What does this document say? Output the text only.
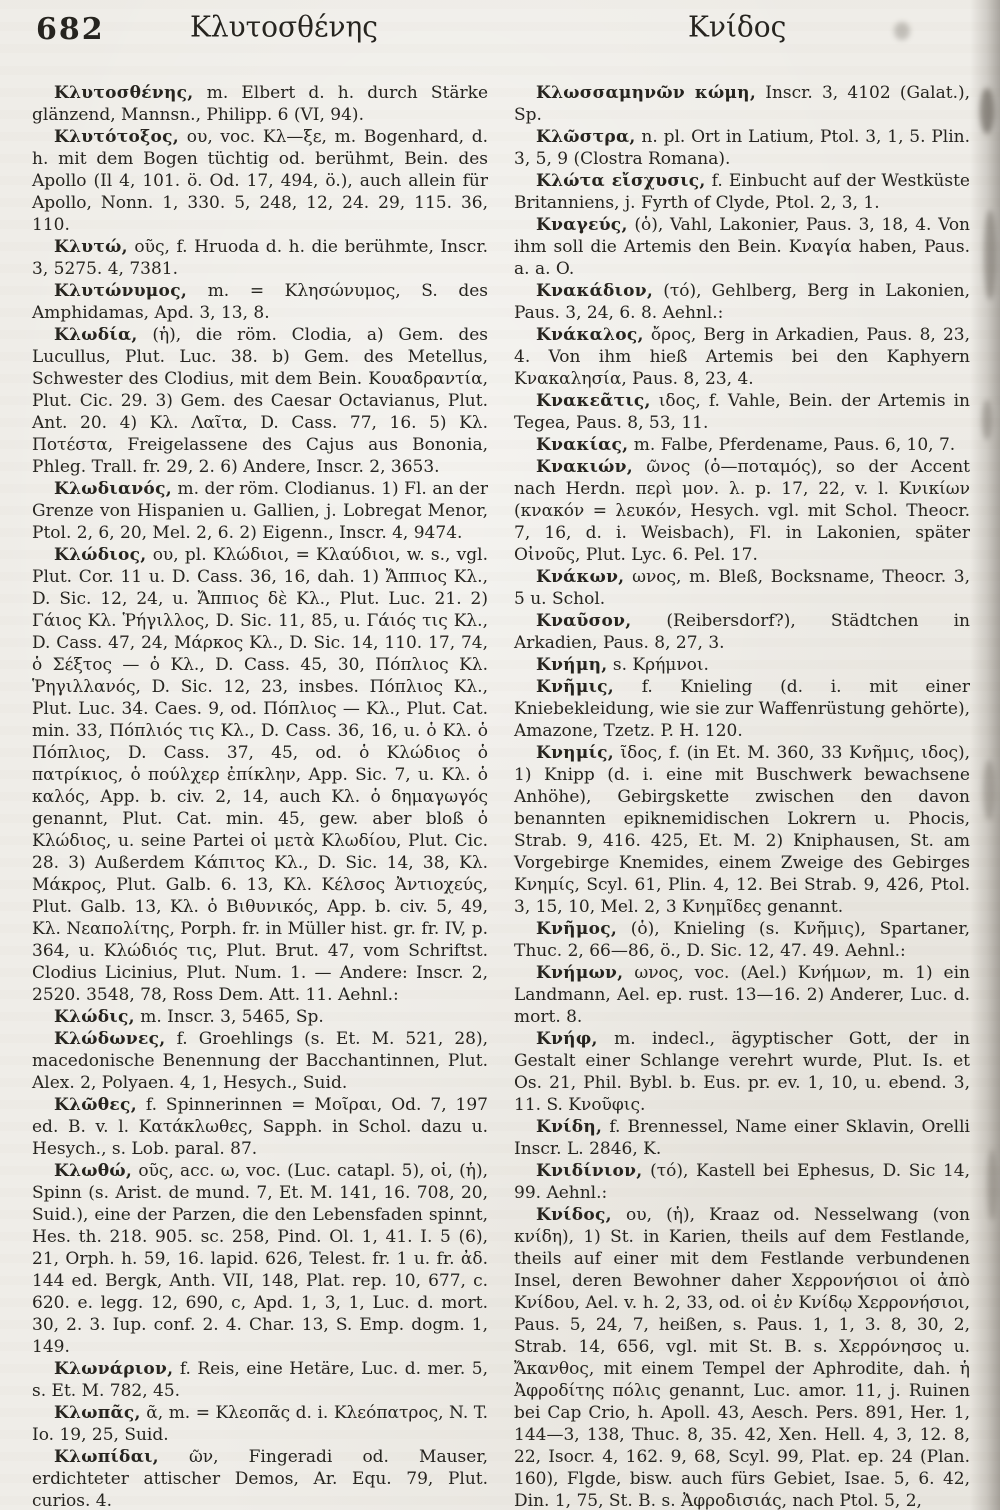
682	Κλυτοσθένης	Κνίδος

Κλυτοσθένης, m. Elbert d. h. durch Stärke glänzend, Mannsn., Philipp. 6 (VI, 94).

Κλυτότοξος, ου, voc. Κλ—ξε, m. Bogenhard, d. h. mit dem Bogen tüchtig od. berühmt, Bein. des Apollo (Il 4, 101. ö. Od. 17, 494, ö.), auch allein für Apollo, Nonn. 1, 330. 5, 248, 12, 24. 29, 115. 36, 110.

Κλυτώ, οῦς, f. Hruoda d. h. die berühmte, Inscr. 3, 5275. 4, 7381.

Κλυτώνυμος, m. = Κλησώνυμος, S. des Amphidamas, Apd. 3, 13, 8.

Κλωδία, (ἡ), die röm. Clodia, a) Gem. des Lucullus, Plut. Luc. 38. b) Gem. des Metellus, Schwester des Clodius, mit dem Bein. Κουαδραντία, Plut. Cic. 29. 3) Gem. des Caesar Octavianus, Plut. Ant. 20. 4) Κλ. Λαῖτα, D. Cass. 77, 16. 5) Κλ. Ποτέστα, Freigelassene des Cajus aus Bononia, Phleg. Trall. fr. 29, 2. 6) Andere, Inscr. 2, 3653.

Κλωδιανός, m. der röm. Clodianus. 1) Fl. an der Grenze von Hispanien u. Gallien, j. Lobregat Menor, Ptol. 2, 6, 20, Mel. 2, 6. 2) Eigenn., Inscr. 4, 9474.

Κλώδιος, ου, pl. Κλώδιοι, = Κλαύδιοι, w. s., vgl. Plut. Cor. 11 u. D. Cass. 36, 16, dah. 1) Ἄππιος Κλ., D. Sic. 12, 24, u. Ἄππιος δὲ Κλ., Plut. Luc. 21. 2) Γάιος Κλ. Ῥήγιλλος, D. Sic. 11, 85, u. Γάιός τις Κλ., D. Cass. 47, 24, Μάρκος Κλ., D. Sic. 14, 110. 17, 74, ὁ Σέξτος — ὁ Κλ., D. Cass. 45, 30, Πόπλιος Κλ. Ῥηγιλλανός, D. Sic. 12, 23, insbes. Πόπλιος Κλ., Plut. Luc. 34. Caes. 9, od. Πόπλιος — Κλ., Plut. Cat. min. 33, Πόπλιός τις Κλ., D. Cass. 36, 16, u. ὁ Κλ. ὁ Πόπλιος, D. Cass. 37, 45, od. ὁ Κλώδιος ὁ πατρίκιος, ὁ πούλχερ ἐπίκλην, App. Sic. 7, u. Κλ. ὁ καλός, App. b. civ. 2, 14, auch Κλ. ὁ δημαγωγός genannt, Plut. Cat. min. 45, gew. aber bloß ὁ Κλώδιος, u. seine Partei οἱ μετὰ Κλωδίου, Plut. Cic. 28. 3) Außerdem Κάπιτος Κλ., D. Sic. 14, 38, Κλ. Μάκρος, Plut. Galb. 6. 13, Κλ. Κέλσος Ἀντιοχεύς, Plut. Galb. 13, Κλ. ὁ Βιθυνικός, App. b. civ. 5, 49, Κλ. Νεαπολίτης, Porph. fr. in Müller hist. gr. fr. IV, p. 364, u. Κλώδιός τις, Plut. Brut. 47, vom Schriftst. Clodius Licinius, Plut. Num. 1. — Andere: Inscr. 2, 2520. 3548, 78, Ross Dem. Att. 11. Aehnl.:

Κλώδις, m. Inscr. 3, 5465, Sp.

Κλώδωνες, f. Groehlings (s. Et. M. 521, 28), macedonische Benennung der Bacchantinnen, Plut. Alex. 2, Polyaen. 4, 1, Hesych., Suid.

Κλῶθες, f. Spinnerinnen = Μοῖραι, Od. 7, 197 ed. B. v. l. Κατάκλωθες, Sapph. in Schol. dazu u. Hesych., s. Lob. paral. 87.

Κλωθώ, οῦς, acc. ω, voc. (Luc. catapl. 5), οἱ, (ἡ), Spinn (s. Arist. de mund. 7, Et. M. 141, 16. 708, 20, Suid.), eine der Parzen, die den Lebensfaden spinnt, Hes. th. 218. 905. sc. 258, Pind. Ol. 1, 41. I. 5 (6), 21, Orph. h. 59, 16. lapid. 626, Telest. fr. 1 u. fr. ἀδ. 144 ed. Bergk, Anth. VII, 148, Plat. rep. 10, 677, c. 620. e. legg. 12, 690, c, Apd. 1, 3, 1, Luc. d. mort. 30, 2. 3. Iup. conf. 2. 4. Char. 13, S. Emp. dogm. 1, 149.

Κλωνάριον, f. Reis, eine Hetäre, Luc. d. mer. 5, s. Et. M. 782, 45.

Κλωπᾶς, ᾶ, m. = Κλεοπᾶς d. i. Κλεόπατρος, N. T. Io. 19, 25, Suid.

Κλωπίδαι, ῶν, Fingeradi od. Mauser, erdichteter attischer Demos, Ar. Equ. 79, Plut. curios. 4.

Κλωσσαμηνῶν κώμη, Inscr. 3, 4102 (Galat.), Sp.

Κλῶστρα, n. pl. Ort in Latium, Ptol. 3, 1, 5. Plin. 3, 5, 9 (Clostra Romana).

Κλώτα εἴσχυσις, f. Einbucht auf der Westküste Britanniens, j. Fyrth of Clyde, Ptol. 2, 3, 1.

Κναγεύς, (ὁ), Vahl, Lakonier, Paus. 3, 18, 4. Von ihm soll die Artemis den Bein. Κναγία haben, Paus. a. a. O.

Κνακάδιον, (τό), Gehlberg, Berg in Lakonien, Paus. 3, 24, 6. 8. Aehnl.:

Κνάκαλος, ὄρος, Berg in Arkadien, Paus. 8, 23, 4. Von ihm hieß Artemis bei den Kaphyern Κνακαλησία, Paus. 8, 23, 4.

Κνακεᾶτις, ιδος, f. Vahle, Bein. der Artemis in Tegea, Paus. 8, 53, 11.

Κνακίας, m. Falbe, Pferdename, Paus. 6, 10, 7.

Κνακιών, ῶνος (ὁ—ποταμός), so der Accent nach Herdn. περὶ μον. λ. p. 17, 22, v. l. Κνικίων (κνακόν = λευκόν, Hesych. vgl. mit Schol. Theocr. 7, 16, d. i. Weisbach), Fl. in Lakonien, später Οἰνοῦς, Plut. Lyc. 6. Pel. 17.

Κνάκων, ωνος, m. Bleß, Bocksname, Theocr. 3, 5 u. Schol.

Κναῦσον, (Reibersdorf?), Städtchen in Arkadien, Paus. 8, 27, 3.

Κνήμη, s. Κρήμνοι.

Κνῆμις, f. Knieling (d. i. mit einer Kniebekleidung, wie sie zur Waffenrüstung gehörte), Amazone, Tzetz. P. H. 120.

Κνημίς, ῖδος, f. (in Et. M. 360, 33 Κνῆμις, ιδος), 1) Knipp (d. i. eine mit Buschwerk bewachsene Anhöhe), Gebirgskette zwischen den davon benannten epiknemidischen Lokrern u. Phocis, Strab. 9, 416. 425, Et. M. 2) Kniphausen, St. am Vorgebirge Knemides, einem Zweige des Gebirges Κνημίς, Scyl. 61, Plin. 4, 12. Bei Strab. 9, 426, Ptol. 3, 15, 10, Mel. 2, 3 Κνημῖδες genannt.

Κνῆμος, (ὁ), Knieling (s. Κνῆμις), Spartaner, Thuc. 2, 66—86, ö., D. Sic. 12, 47. 49. Aehnl.:

Κνήμων, ωνος, voc. (Ael.) Κνήμων, m. 1) ein Landmann, Ael. ep. rust. 13—16. 2) Anderer, Luc. d. mort. 8.

Κνήφ, m. indecl., ägyptischer Gott, der in Gestalt einer Schlange verehrt wurde, Plut. Is. et Os. 21, Phil. Bybl. b. Eus. pr. ev. 1, 10, u. ebend. 3, 11. S. Κνοῦφις.

Κνίδη, f. Brennessel, Name einer Sklavin, Orelli Inscr. L. 2846, K.

Κνιδίνιον, (τό), Kastell bei Ephesus, D. Sic 14, 99. Aehnl.:

Κνίδος, ου, (ἡ), Kraaz od. Nesselwang (von κνίδη), 1) St. in Karien, theils auf dem Festlande, theils auf einer mit dem Festlande verbundenen Insel, deren Bewohner daher Χερρονήσιοι οἱ ἀπὸ Κνίδου, Ael. v. h. 2, 33, od. οἱ ἐν Κνίδῳ Χερρονήσιοι, Paus. 5, 24, 7, heißen, s. Paus. 1, 1, 3. 8, 30, 2, Strab. 14, 656, vgl. mit St. B. s. Χερρόνησος u. Ἄκανθος, mit einem Tempel der Aphrodite, dah. ἡ Ἀφροδίτης πόλις genannt, Luc. amor. 11, j. Ruinen bei Cap Crio, h. Apoll. 43, Aesch. Pers. 891, Her. 1, 144—3, 138, Thuc. 8, 35. 42, Xen. Hell. 4, 3, 12. 8, 22, Isocr. 4, 162. 9, 68, Scyl. 99, Plat. ep. 24 (Plan. 160), Flgde, bisw. auch fürs Gebiet, Isae. 5, 6. 42, Din. 1, 75, St. B. s. Ἀφροδισιάς, nach Ptol. 5, 2,
